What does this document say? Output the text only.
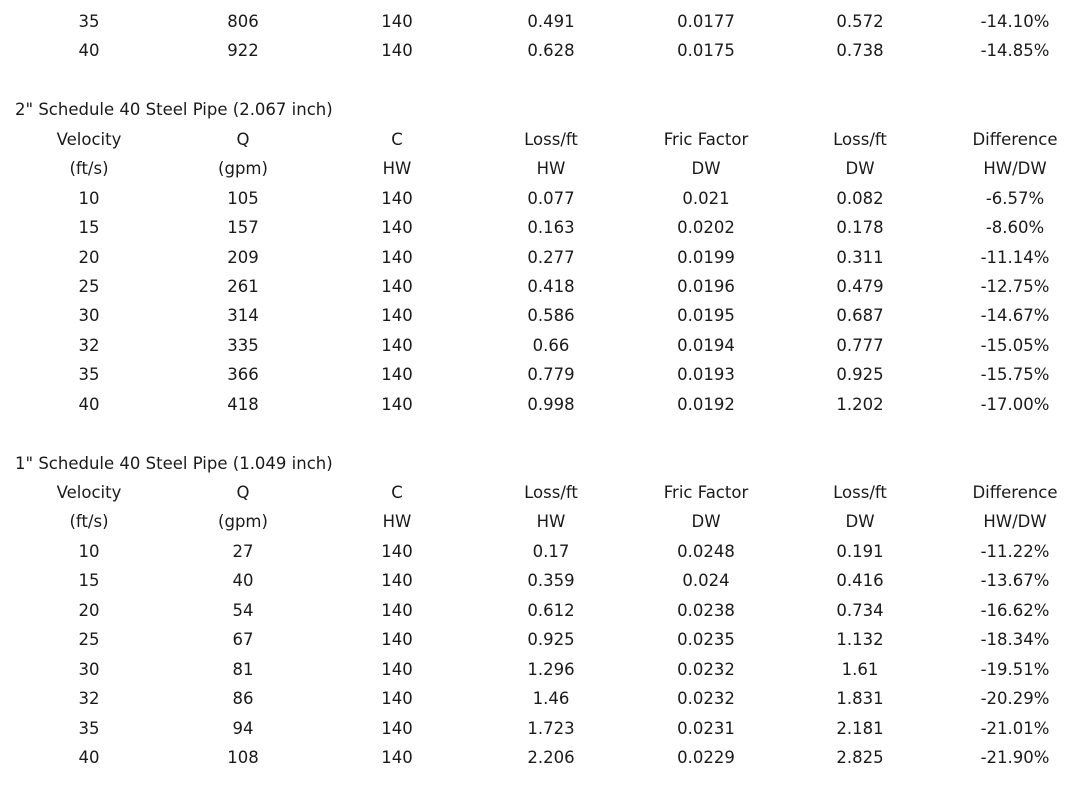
35	806	140	0.491	0.0177	0.572	-14.10%
40	922	140	0.628	0.0175	0.738	-14.85%
2" Schedule 40 Steel Pipe (2.067 inch)
Velocity	Q	C	Loss/ft	Fric Factor	Loss/ft	Difference
(ft/s)	(gpm)	HW	HW	DW	DW	HW/DW
10	105	140	0.077	0.021	0.082	-6.57%
15	157	140	0.163	0.0202	0.178	-8.60%
20	209	140	0.277	0.0199	0.311	-11.14%
25	261	140	0.418	0.0196	0.479	-12.75%
30	314	140	0.586	0.0195	0.687	-14.67%
32	335	140	0.66	0.0194	0.777	-15.05%
35	366	140	0.779	0.0193	0.925	-15.75%
40	418	140	0.998	0.0192	1.202	-17.00%
1" Schedule 40 Steel Pipe (1.049 inch)
Velocity	Q	C	Loss/ft	Fric Factor	Loss/ft	Difference
(ft/s)	(gpm)	HW	HW	DW	DW	HW/DW
10	27	140	0.17	0.0248	0.191	-11.22%
15	40	140	0.359	0.024	0.416	-13.67%
20	54	140	0.612	0.0238	0.734	-16.62%
25	67	140	0.925	0.0235	1.132	-18.34%
30	81	140	1.296	0.0232	1.61	-19.51%
32	86	140	1.46	0.0232	1.831	-20.29%
35	94	140	1.723	0.0231	2.181	-21.01%
40	108	140	2.206	0.0229	2.825	-21.90%
